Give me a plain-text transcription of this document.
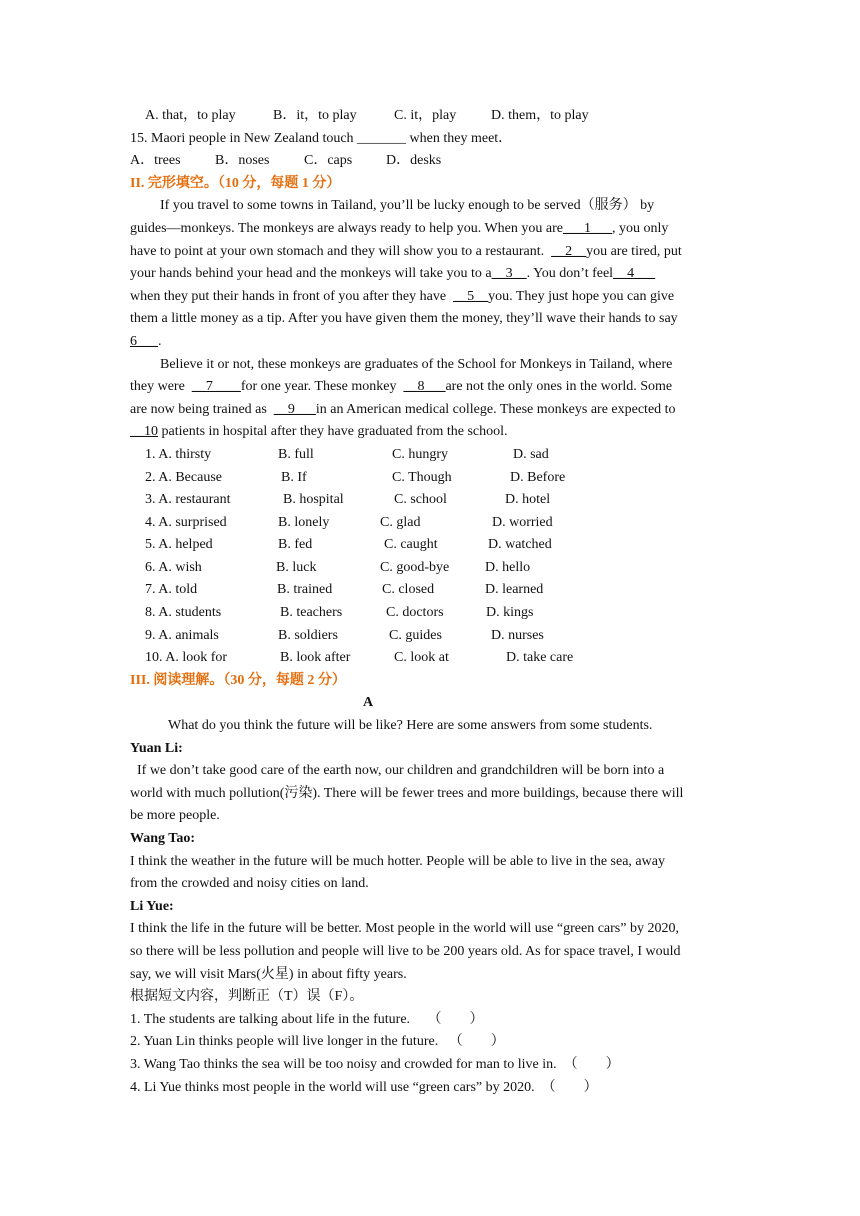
A. that，to play	B．it，to play	C. it，play D. them，to play
15. Maori people in New Zealand touch _______ when they meet．
A．trees B．noses C．caps D．desks
II. 完形填空。（10 分，每题 1 分）
If you travel to some towns in Tailand, you’ll be lucky enough to be served（服务） by
guides—monkeys. The monkeys are always ready to help you. When you are___1___, you only
have to point at your own stomach and they will show you to a restaurant. __2__you are tired, put
your hands behind your head and the monkeys will take you to a__3__. You don’t feel__4___
when they put their hands in front of you after they have __5__you. They just hope you can give
them a little money as a tip. After you have given them the money, they’ll wave their hands to say
6___.
Believe it or not, these monkeys are graduates of the School for Monkeys in Tailand, where
they were __7____for one year. These monkey __8___are not the only ones in the world. Some
are now being trained as __9___in an American medical college. These monkeys are expected to
__10 patients in hospital after they have graduated from the school.
1. A. thirsty	B. full	C. hungry	D. sad
2. A. Because	B. If	C. Though	D. Before
3. A. restaurant	B. hospital	C. school	D. hotel
4. A. surprised	B. lonely	C. glad	D. worried
5. A. helped	B. fed	C. caught	D. watched
6. A. wish	B. luck	C. good-bye	D. hello
7. A. told	B. trained	C. closed	D. learned
8. A. students	B. teachers	C. doctors	D. kings
9. A. animals	B. soldiers	C. guides	D. nurses
10. A. look for	B. look after	C. look at	D. take care
III. 阅读理解。（30 分，每题 2 分）
A
What do you think the future will be like? Here are some answers from some students.
Yuan Li:
If we don’t take good care of the earth now, our children and grandchildren will be born into a
world with much pollution(污染). There will be fewer trees and more buildings, because there will
be more people.
Wang Tao:
I think the weather in the future will be much hotter. People will be able to live in the sea, away
from the crowded and noisy cities on land.
Li Yue:
I think the life in the future will be better. Most people in the world will use “green cars” by 2020,
so there will be less pollution and people will live to be 200 years old. As for space travel, I would
say, we will visit Mars(火星) in about fifty years.
根据短文内容，判断正（T）误（F）。
1. The students are talking about life in the future.　 （　　）
2. Yuan Lin thinks people will live longer in the future. 　（　　）
3. Wang Tao thinks the sea will be too noisy and crowded for man to live in.　（　　）
4. Li Yue thinks most people in the world will use “green cars” by 2020.　（　　）
